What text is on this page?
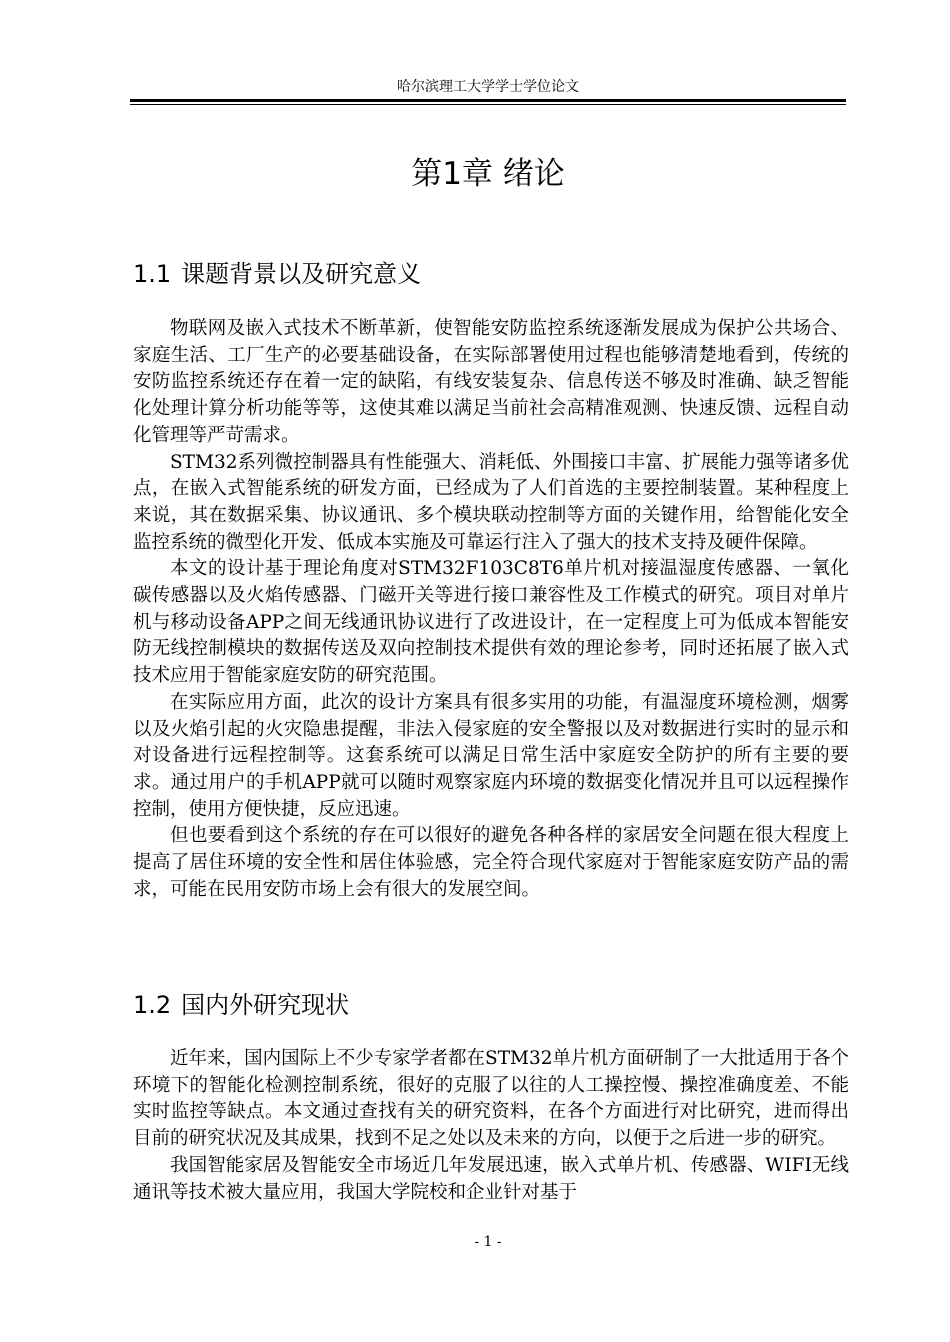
哈尔滨理工大学学士学位论文
第1章 绪论
1.1 课题背景以及研究意义

物联网及嵌入式技术不断革新，使智能安防监控系统逐渐发展成为保护公共场合、家庭生活、工厂生产的必要基础设备，在实际部署使用过程也能够清楚地看到，传统的安防监控系统还存在着一定的缺陷，有线安装复杂、信息传送不够及时准确、缺乏智能化处理计算分析功能等等，这使其难以满足当前社会高精准观测、快速反馈、远程自动化管理等严苛需求。

STM32系列微控制器具有性能强大、消耗低、外围接口丰富、扩展能力强等诸多优点，在嵌入式智能系统的研发方面，已经成为了人们首选的主要控制装置。某种程度上来说，其在数据采集、协议通讯、多个模块联动控制等方面的关键作用，给智能化安全监控系统的微型化开发、低成本实施及可靠运行注入了强大的技术支持及硬件保障。

本文的设计基于理论角度对STM32F103C8T6单片机对接温湿度传感器、一氧化碳传感器以及火焰传感器、门磁开关等进行接口兼容性及工作模式的研究。项目对单片机与移动设备APP之间无线通讯协议进行了改进设计，在一定程度上可为低成本智能安防无线控制模块的数据传送及双向控制技术提供有效的理论参考，同时还拓展了嵌入式技术应用于智能家庭安防的研究范围。

在实际应用方面，此次的设计方案具有很多实用的功能，有温湿度环境检测，烟雾以及火焰引起的火灾隐患提醒，非法入侵家庭的安全警报以及对数据进行实时的显示和对设备进行远程控制等。这套系统可以满足日常生活中家庭安全防护的所有主要的要求。通过用户的手机APP就可以随时观察家庭内环境的数据变化情况并且可以远程操作控制，使用方便快捷，反应迅速。

但也要看到这个系统的存在可以很好的避免各种各样的家居安全问题在很大程度上提高了居住环境的安全性和居住体验感，完全符合现代家庭对于智能家庭安防产品的需求，可能在民用安防市场上会有很大的发展空间。

1.2 国内外研究现状

近年来，国内国际上不少专家学者都在STM32单片机方面研制了一大批适用于各个环境下的智能化检测控制系统，很好的克服了以往的人工操控慢、操控准确度差、不能实时监控等缺点。本文通过查找有关的研究资料，在各个方面进行对比研究，进而得出目前的研究状况及其成果，找到不足之处以及未来的方向，以便于之后进一步的研究。

我国智能家居及智能安全市场近几年发展迅速，嵌入式单片机、传感器、WIFI无线通讯等技术被大量应用，我国大学院校和企业针对基于

- 1 -
